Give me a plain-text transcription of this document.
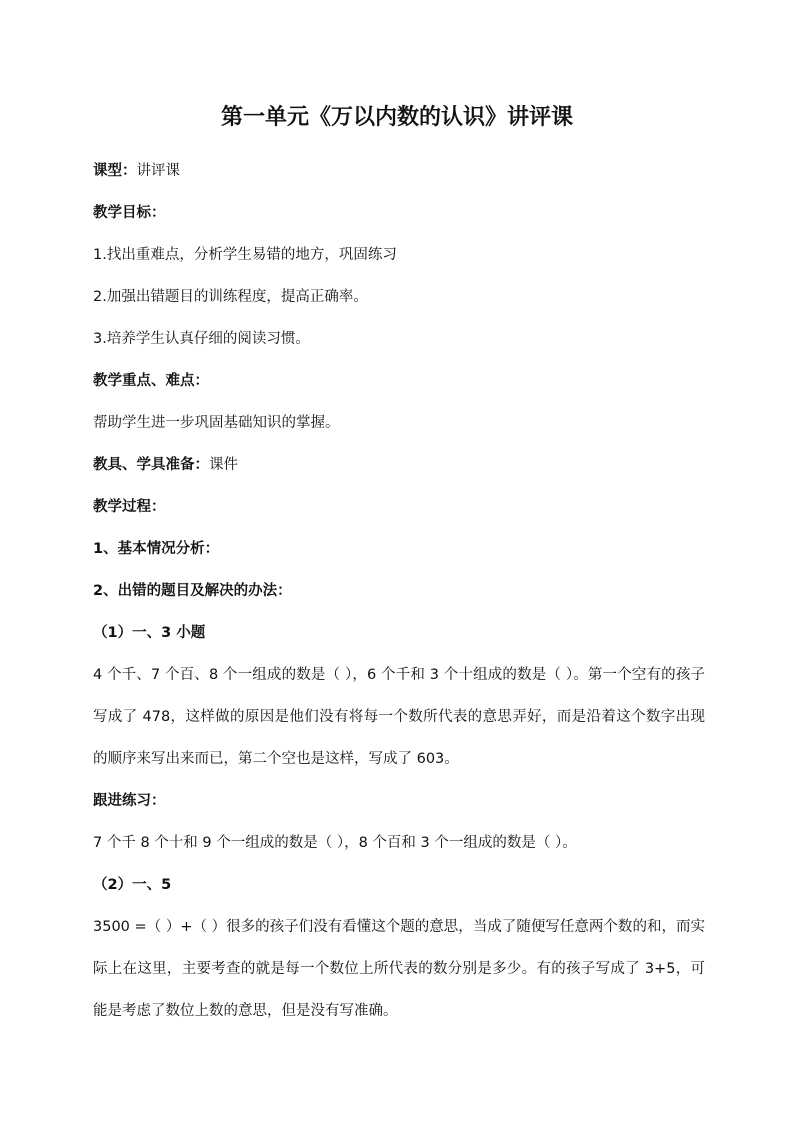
第一单元《万以内数的认识》讲评课

课型：讲评课

教学目标：

1.找出重难点，分析学生易错的地方，巩固练习

2.加强出错题目的训练程度，提高正确率。

3.培养学生认真仔细的阅读习惯。

教学重点、难点：

帮助学生进一步巩固基础知识的掌握。

教具、学具准备：课件

教学过程：

1、基本情况分析：

2、出错的题目及解决的办法：

（1）一、3 小题

4 个千、7 个百、8 个一组成的数是（ ），6 个千和 3 个十组成的数是（ ）。第一个空有的孩子写成了 478，这样做的原因是他们没有将每一个数所代表的意思弄好，而是沿着这个数字出现的顺序来写出来而已，第二个空也是这样，写成了 603。

跟进练习：

7 个千 8 个十和 9 个一组成的数是（ ），8 个百和 3 个一组成的数是（ ）。

（2）一、5

3500 =（ ）+（ ）很多的孩子们没有看懂这个题的意思，当成了随便写任意两个数的和，而实际上在这里，主要考查的就是每一个数位上所代表的数分别是多少。有的孩子写成了 3+5，可能是考虑了数位上数的意思，但是没有写准确。
